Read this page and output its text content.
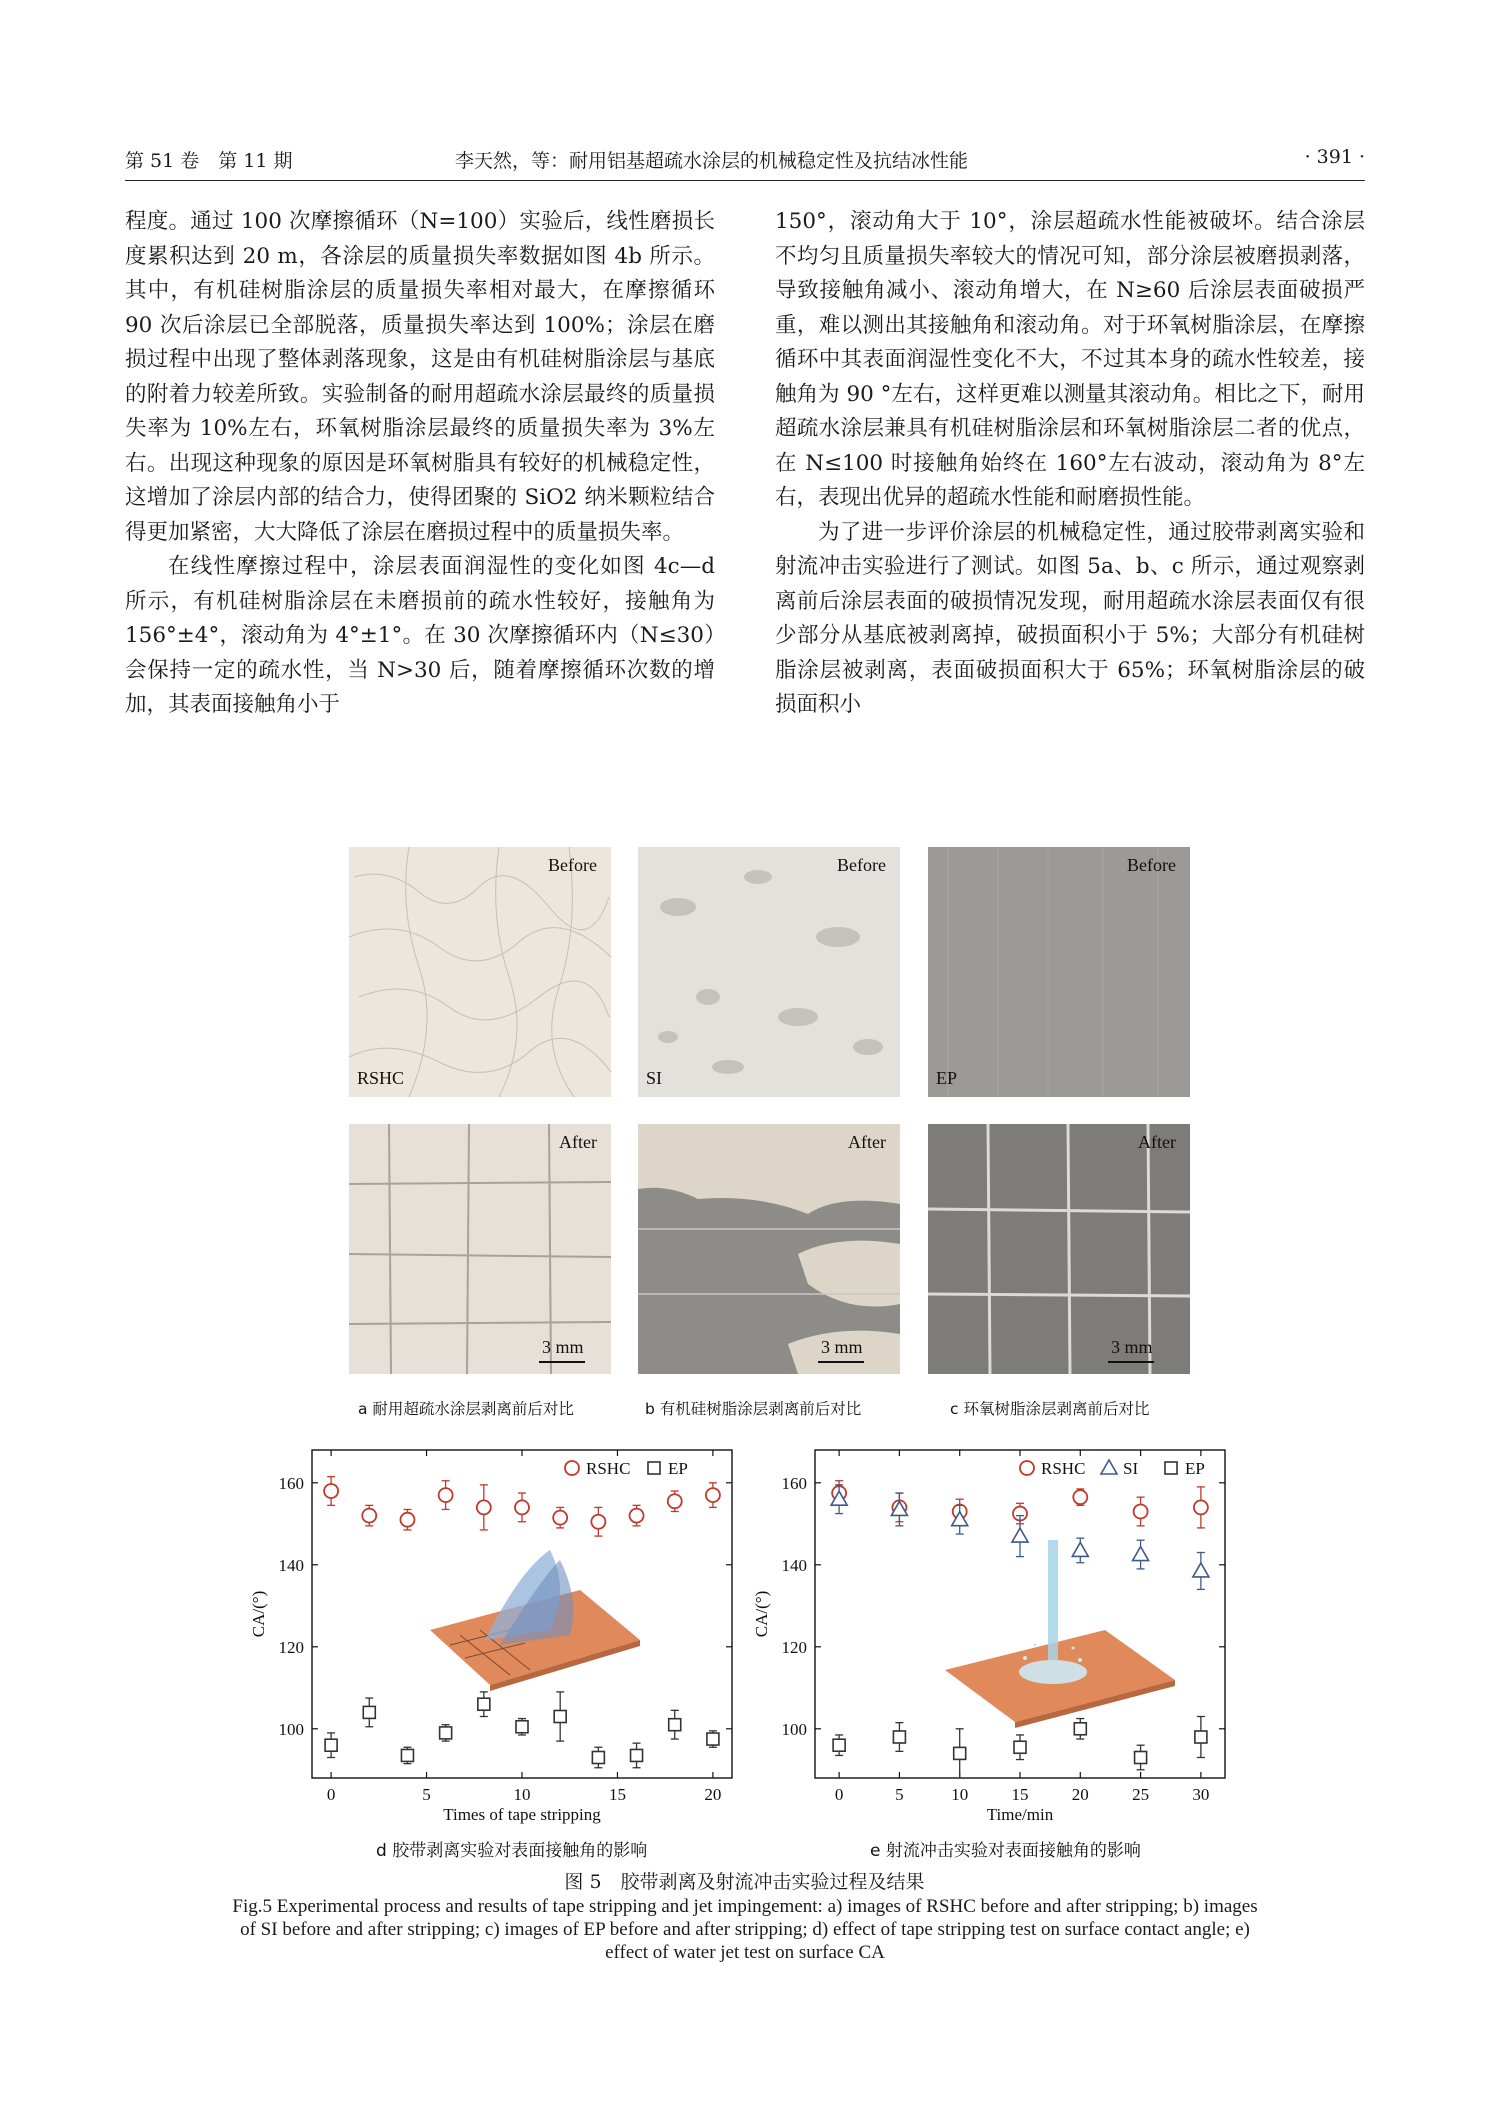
第 51 卷　第 11 期	李天然，等：耐用铝基超疏水涂层的机械稳定性及抗结冰性能	· 391 ·

程度。通过 100 次摩擦循环（N=100）实验后，线性磨损长度累积达到 20 m，各涂层的质量损失率数据如图 4b 所示。其中，有机硅树脂涂层的质量损失率相对最大，在摩擦循环 90 次后涂层已全部脱落，质量损失率达到 100%；涂层在磨损过程中出现了整体剥落现象，这是由有机硅树脂涂层与基底的附着力较差所致。实验制备的耐用超疏水涂层最终的质量损失率为 10%左右，环氧树脂涂层最终的质量损失率为 3%左右。出现这种现象的原因是环氧树脂具有较好的机械稳定性，这增加了涂层内部的结合力，使得团聚的 SiO2 纳米颗粒结合得更加紧密，大大降低了涂层在磨损过程中的质量损失率。

在线性摩擦过程中，涂层表面润湿性的变化如图 4c—d 所示，有机硅树脂涂层在未磨损前的疏水性较好，接触角为 156°±4°，滚动角为 4°±1°。在 30 次摩擦循环内（N≤30）会保持一定的疏水性，当 N>30 后，随着摩擦循环次数的增加，其表面接触角小于

150°，滚动角大于 10°，涂层超疏水性能被破坏。结合涂层不均匀且质量损失率较大的情况可知，部分涂层被磨损剥落，导致接触角减小、滚动角增大，在 N≥60 后涂层表面破损严重，难以测出其接触角和滚动角。对于环氧树脂涂层，在摩擦循环中其表面润湿性变化不大，不过其本身的疏水性较差，接触角为 90 °左右，这样更难以测量其滚动角。相比之下，耐用超疏水涂层兼具有机硅树脂涂层和环氧树脂涂层二者的优点，在 N≤100 时接触角始终在 160°左右波动，滚动角为 8°左右，表现出优异的超疏水性能和耐磨损性能。

为了进一步评价涂层的机械稳定性，通过胶带剥离实验和射流冲击实验进行了测试。如图 5a、b、c 所示，通过观察剥离前后涂层表面的破损情况发现，耐用超疏水涂层表面仅有很少部分从基底被剥离掉，破损面积小于 5%；大部分有机硅树脂涂层被剥离，表面破损面积大于 65%；环氧树脂涂层的破损面积小

Before
RSHC
Before
SI
Before
EP
After
3 mm
After
3 mm
After
3 mm
a 耐用超疏水涂层剥离前后对比	b 有机硅树脂涂层剥离前后对比	c 环氧树脂涂层剥离前后对比
100
120
140
160
0	5	10	15	20
Times of tape stripping
CA/(°)
RSHC EP
100
120
140
160
0	5	10	15	20	25	30
Time/min
CA/(°)
RSHC SI	EP
d 胶带剥离实验对表面接触角的影响	e 射流冲击实验对表面接触角的影响
图 5　胶带剥离及射流冲击实验过程及结果
Fig.5 Experimental process and results of tape stripping and jet impingement: a) images of RSHC before and after stripping; b) images of SI before and after stripping; c) images of EP before and after stripping; d) effect of tape stripping test on surface contact angle; e) effect of water jet test on surface CA
